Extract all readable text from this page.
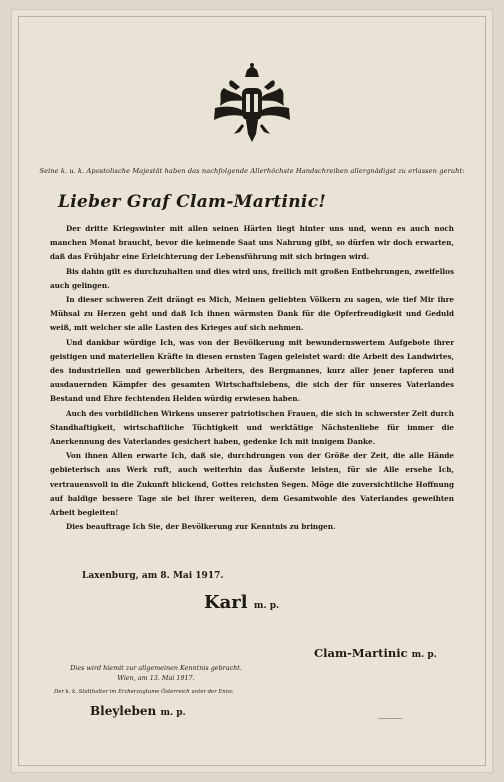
Seine k. u. k. Apostolische Majestät haben das nachfolgende Allerhöchste Handschreiben allergnädigst zu erlassen geruht:
Lieber Graf Clam-Martinic!

Der dritte Kriegswinter mit allen seinen Härten liegt hinter uns und, wenn es auch noch manchen Monat braucht, bevor die keimende Saat uns Nahrung gibt, so dürfen wir doch erwarten, daß das Frühjahr eine Erleichterung der Lebensführung mit sich bringen wird.

Bis dahin gilt es durchzuhalten und dies wird uns, freilich mit großen Entbehrungen, zweifellos auch gelingen.

In dieser schweren Zeit drängt es Mich, Meinen geliebten Völkern zu sagen, wie tief Mir ihre Mühsal zu Herzen geht und daß Ich ihnen wärmsten Dank für die Opferfreudigkeit und Geduld weiß, mit welcher sie alle Lasten des Krieges auf sich nehmen.

Und dankbar würdige Ich, was von der Bevölkerung mit bewundernswertem Aufgebote ihrer geistigen und materiellen Kräfte in diesen ernsten Tagen geleistet ward: die Arbeit des Landwirtes, des industriellen und gewerblichen Arbeiters, des Bergmannes, kurz aller jener tapferen und ausdauernden Kämpfer des gesamten Wirtschaftslebens, die sich der für unseres Vaterlandes Bestand und Ehre fechtenden Helden würdig erwiesen haben.

Auch des vorbildlichen Wirkens unserer patriotischen Frauen, die sich in schwerster Zeit durch Standhaftigkeit, wirtschaftliche Tüchtigkeit und werktätige Nächstenliebe für immer die Anerkennung des Vaterlandes gesichert haben, gedenke Ich mit innigem Danke.

Von ihnen Allen erwarte Ich, daß sie, durchdrungen von der Größe der Zeit, die alle Hände gebieterisch ans Werk ruft, auch weiterhin das Äußerste leisten, für sie Alle ersehe Ich, vertrauensvoll in die Zukunft blickend, Gottes reichsten Segen. Möge die zuversichtliche Hoffnung auf baldige bessere Tage sie bei ihrer weiteren, dem Gesamtwohle des Vaterlandes geweihten Arbeit begleiten!

Dies beauftrage Ich Sie, der Bevölkerung zur Kenntnis zu bringen.

Laxenburg, am 8. Mai 1917.
Karl m. p.
Clam-Martinic m. p.
Dies wird hiemit zur allgemeinen Kenntnis gebracht.
Wien, am 13. Mai 1917.
Der k. k. Statthalter im Erzherzogtume Österreich unter der Enns:
Bleyleben m. p.	▁▁▁▁▁▁▁▁▁
